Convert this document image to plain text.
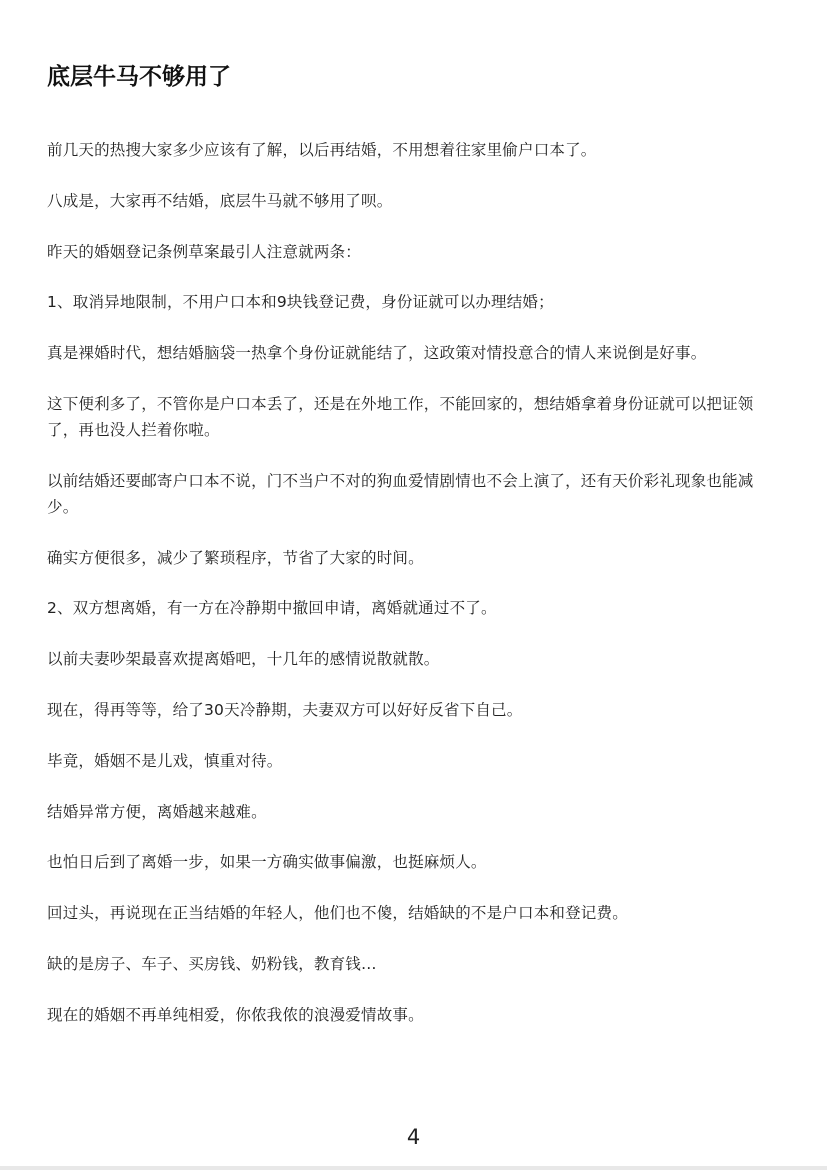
底层牛马不够用了

前几天的热搜大家多少应该有了解，以后再结婚，不用想着往家里偷户口本了。

八成是，大家再不结婚，底层牛马就不够用了呗。

昨天的婚姻登记条例草案最引人注意就两条：

1、取消异地限制，不用户口本和9块钱登记费，身份证就可以办理结婚；

真是裸婚时代，想结婚脑袋一热拿个身份证就能结了，这政策对情投意合的情人来说倒是好事。

这下便利多了，不管你是户口本丢了，还是在外地工作，不能回家的，想结婚拿着身份证就可以把证领了，再也没人拦着你啦。

以前结婚还要邮寄户口本不说，门不当户不对的狗血爱情剧情也不会上演了，还有天价彩礼现象也能减少。

确实方便很多，减少了繁琐程序，节省了大家的时间。

2、双方想离婚，有一方在冷静期中撤回申请，离婚就通过不了。

以前夫妻吵架最喜欢提离婚吧，十几年的感情说散就散。

现在，得再等等，给了30天冷静期，夫妻双方可以好好反省下自己。

毕竟，婚姻不是儿戏，慎重对待。

结婚异常方便，离婚越来越难。

也怕日后到了离婚一步，如果一方确实做事偏激，也挺麻烦人。

回过头，再说现在正当结婚的年轻人，他们也不傻，结婚缺的不是户口本和登记费。

缺的是房子、车子、买房钱、奶粉钱，教育钱…

现在的婚姻不再单纯相爱，你侬我侬的浪漫爱情故事。

4
